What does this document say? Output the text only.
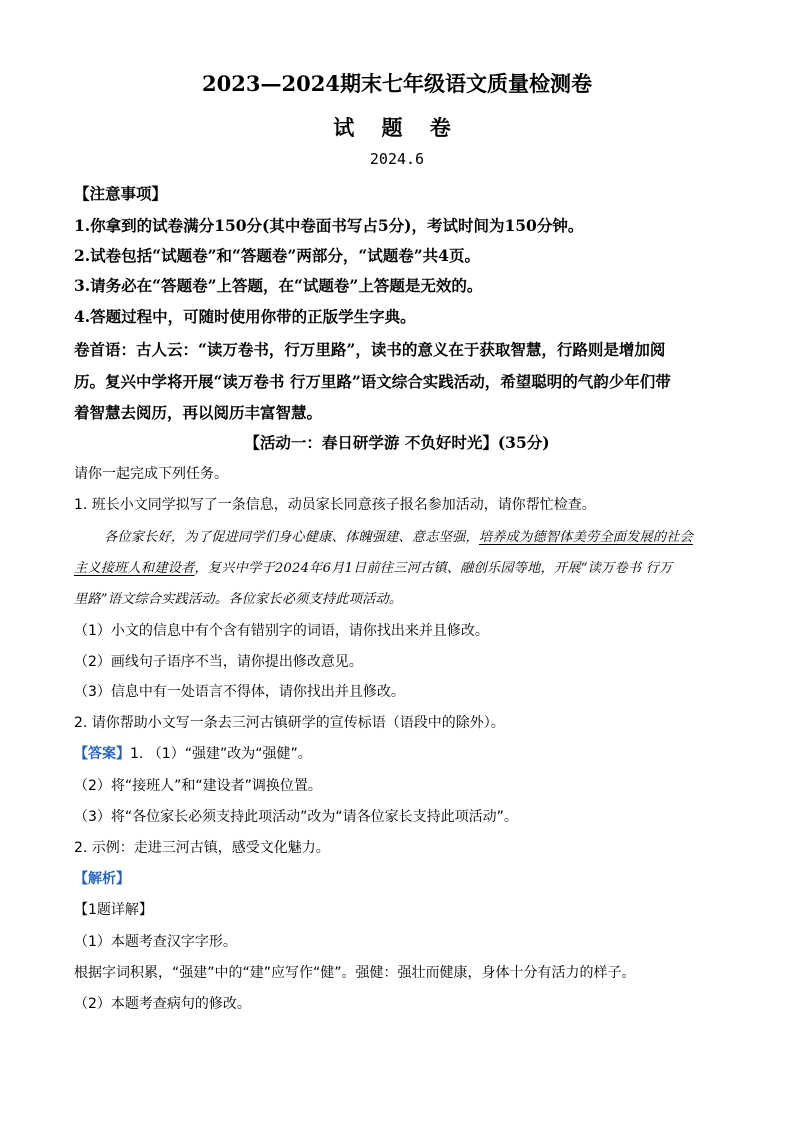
2023—2024期末七年级语文质量检测卷
试 题 卷
2024.6
【注意事项】
1.你拿到的试卷满分150分(其中卷面书写占5分)，考试时间为150分钟。
2.试卷包括“试题卷”和“答题卷”两部分，“试题卷”共4页。
3.请务必在“答题卷”上答题，在“试题卷”上答题是无效的。
4.答题过程中，可随时使用你带的正版学生字典。
卷首语：古人云：“读万卷书，行万里路”，读书的意义在于获取智慧，行路则是增加阅
历。复兴中学将开展“读万卷书 行万里路”语文综合实践活动，希望聪明的气韵少年们带
着智慧去阅历，再以阅历丰富智慧。
【活动一：春日研学游 不负好时光】(35分)
请你一起完成下列任务。
1. 班长小文同学拟写了一条信息，动员家长同意孩子报名参加活动，请你帮忙检查。
各位家长好，为了促进同学们身心健康、体魄强建、意志坚强，培养成为德智体美劳全面发展的社会
主义接班人和建设者，复兴中学于2024年6月1日前往三河古镇、融创乐园等地，开展“读万卷书 行万
里路”语文综合实践活动。各位家长必须支持此项活动。
（1）小文的信息中有个含有错别字的词语，请你找出来并且修改。
（2）画线句子语序不当，请你提出修改意见。
（3）信息中有一处语言不得体，请你找出并且修改。
2. 请你帮助小文写一条去三河古镇研学的宣传标语（语段中的除外）。
【答案】1. （1）“强建”改为“强健”。
（2）将“接班人”和“建设者”调换位置。
（3）将“各位家长必须支持此项活动”改为“请各位家长支持此项活动”。
2. 示例：走进三河古镇，感受文化魅力。
【解析】
【1题详解】
（1）本题考查汉字字形。
根据字词积累，“强建”中的“建”应写作“健”。强健：强壮而健康，身体十分有活力的样子。
（2）本题考查病句的修改。
